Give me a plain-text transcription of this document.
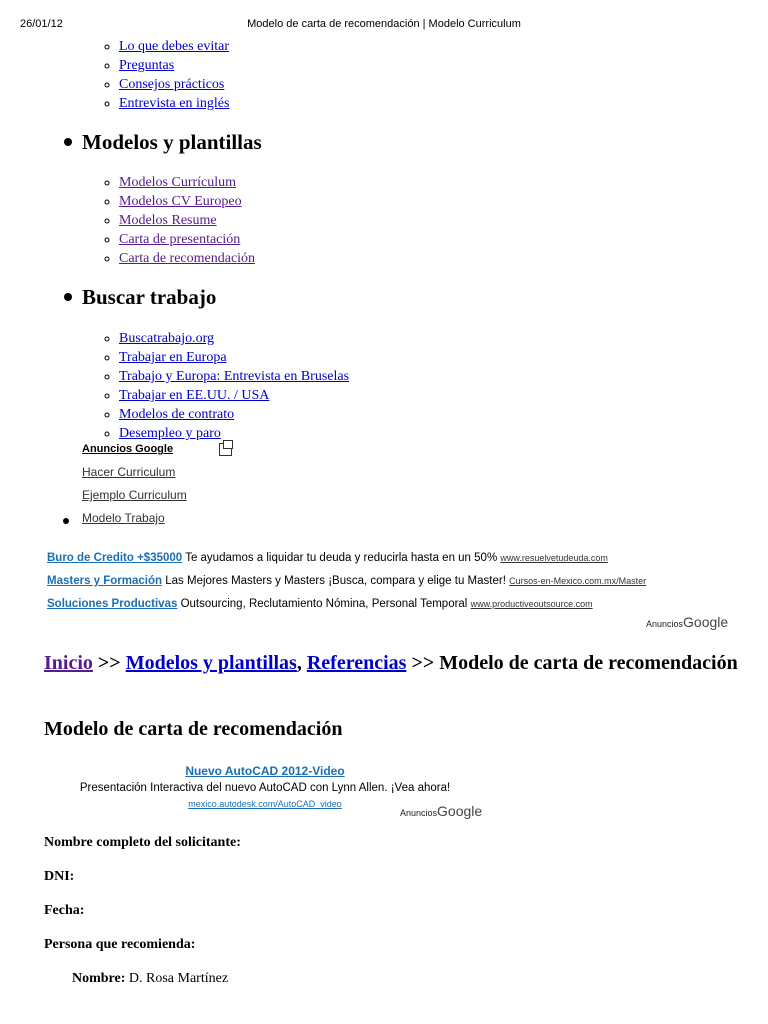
26/01/12	Modelo de carta de recomendación | Modelo Curriculum
◦ Lo que debes evitar
◦ Preguntas
◦ Consejos prácticos
◦ Entrevista en inglés
Modelos y plantillas
◦ Modelos Currículum
◦ Modelos CV Europeo
◦ Modelos Resume
◦ Carta de presentación
◦ Carta de recomendación
Buscar trabajo
◦ Buscatrabajo.org
◦ Trabajar en Europa
◦ Trabajo y Europa: Entrevista en Bruselas
◦ Trabajar en EE.UU. / USA
◦ Modelos de contrato
◦ Desempleo y paro
Anuncios Google
Hacer Curriculum
Ejemplo Curriculum
Modelo Trabajo
Buro de Credito +$35000 Te ayudamos a liquidar tu deuda y reducirla hasta en un 50% www.resuelvetudeuda.com
Masters y Formación Las Mejores Masters y Masters ¡Busca, compara y elige tu Master! Cursos-en-Mexico.com.mx/Master
Soluciones Productivas Outsourcing, Reclutamiento Nómina, Personal Temporal www.productiveoutsource.com
AnunciosGoogle
Inicio >> Modelos y plantillas, Referencias >> Modelo de carta de recomendación
Modelo de carta de recomendación
Nuevo AutoCAD 2012-Video
Presentación Interactiva del nuevo AutoCAD con Lynn Allen. ¡Vea ahora!
mexico.autodesk.com/AutoCAD_video
AnunciosGoogle
Nombre completo del solicitante:
DNI:
Fecha:
Persona que recomienda:
Nombre: D. Rosa Martínez
